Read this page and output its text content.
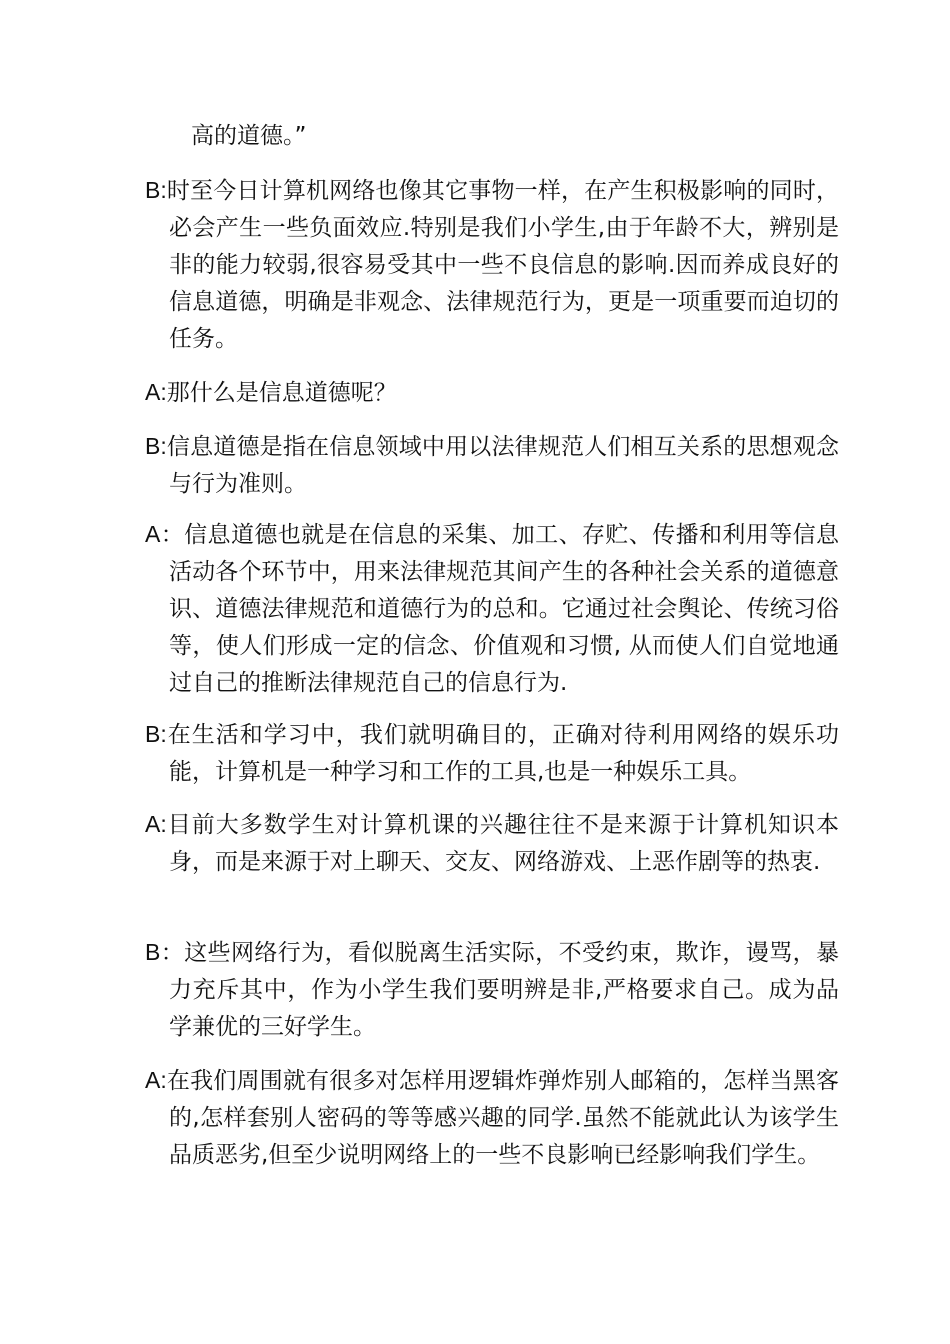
高的道德。”

B:时至今日计算机网络也像其它事物一样，在产生积极影响的同时，必会产生一些负面效应.特别是我们小学生,由于年龄不大，辨别是非的能力较弱,很容易受其中一些不良信息的影响.因而养成良好的信息道德，明确是非观念、法律规范行为，更是一项重要而迫切的任务。

A:那什么是信息道德呢？

B:信息道德是指在信息领域中用以法律规范人们相互关系的思想观念与行为准则。

A：信息道德也就是在信息的采集、加工、存贮、传播和利用等信息活动各个环节中，用来法律规范其间产生的各种社会关系的道德意识、道德法律规范和道德行为的总和。它通过社会舆论、传统习俗等，使人们形成一定的信念、价值观和习惯, 从而使人们自觉地通过自己的推断法律规范自己的信息行为.

B:在生活和学习中，我们就明确目的，正确对待利用网络的娱乐功能，计算机是一种学习和工作的工具,也是一种娱乐工具。

A:目前大多数学生对计算机课的兴趣往往不是来源于计算机知识本身，而是来源于对上聊天、交友、网络游戏、上恶作剧等的热衷.

B：这些网络行为，看似脱离生活实际，不受约束，欺诈，谩骂，暴力充斥其中，作为小学生我们要明辨是非,严格要求自己。成为品学兼优的三好学生。

A:在我们周围就有很多对怎样用逻辑炸弹炸别人邮箱的，怎样当黑客的,怎样套别人密码的等等感兴趣的同学.虽然不能就此认为该学生品质恶劣,但至少说明网络上的一些不良影响已经影响我们学生。
